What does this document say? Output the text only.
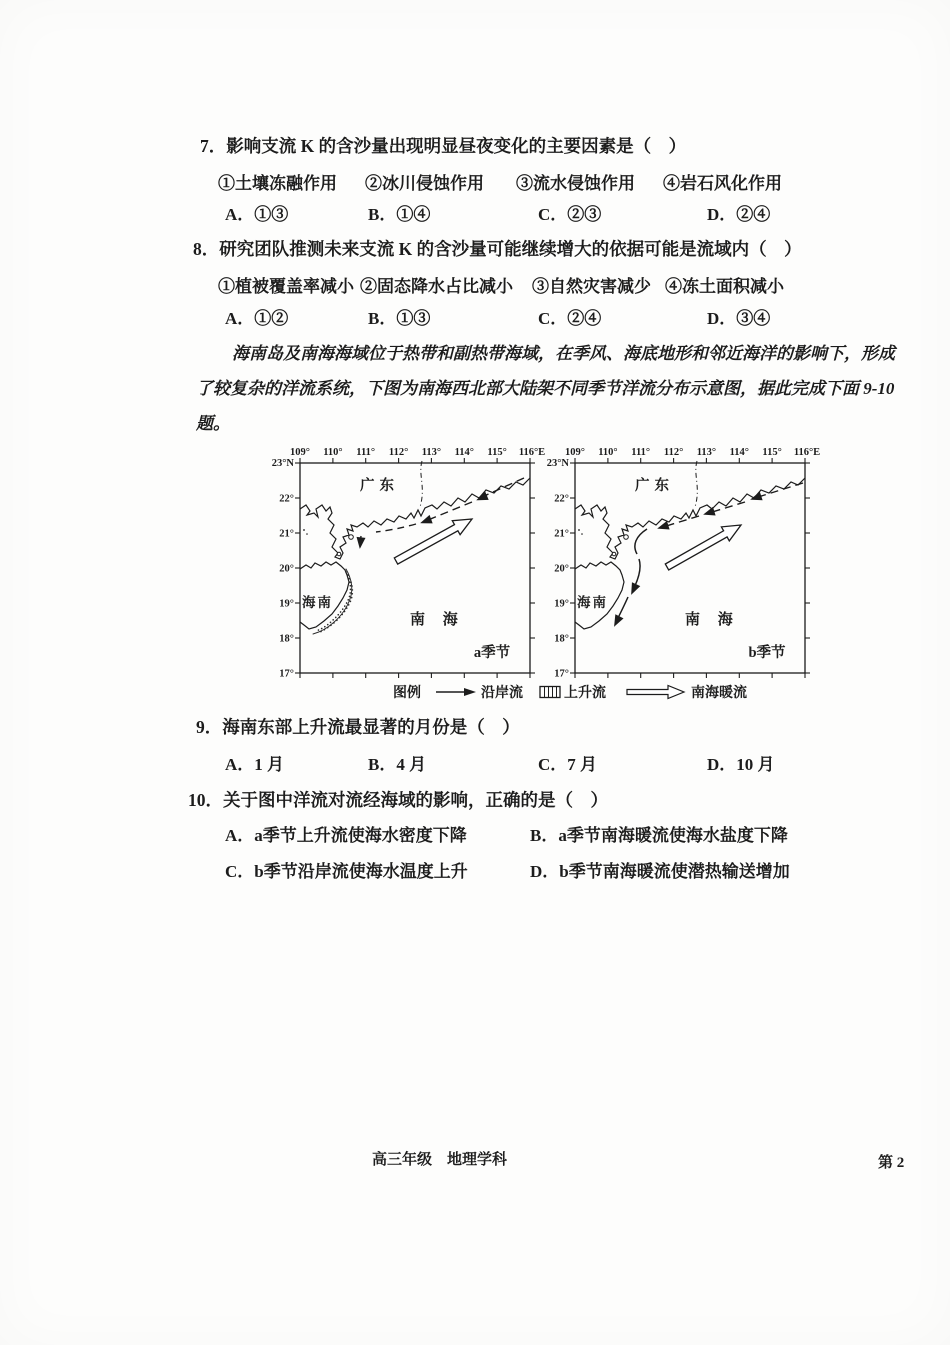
7．影响支流 K 的含沙量出现明显昼夜变化的主要因素是（　）
①土壤冻融作用 ②冰川侵蚀作用 ③流水侵蚀作用 ④岩石风化作用
A．①③	B．①④	C．②③	D．②④
8．研究团队推测未来支流 K 的含沙量可能继续增大的依据可能是流域内（　）
①植被覆盖率减小 ②固态降水占比减小 ③自然灾害减少 ④冻土面积减小
A．①②	B．①③	C．②④	D．③④
海南岛及南海海域位于热带和副热带海域，在季风、海底地形和邻近海洋的影响下，形成
了较复杂的洋流系统，下图为南海西北部大陆架不同季节洋流分布示意图，据此完成下面 9-10
题。
109° 110° 111° 112° 113° 114° 115° 116°E
23°N
22°
21°
20°
19°
18°
17°
广东
海南
南 海
a季节
109° 110° 111° 112° 113° 114° 115° 116°E
23°N
22°
21°
20°
19°
18°
17°
广东
海南
南 海
b季节
图例	沿岸流	上升流	南海暖流
9．海南东部上升流最显著的月份是（　）
A．1 月	B．4 月	C．7 月	D．10 月
10．关于图中洋流对流经海域的影响，正确的是（　）
A．a季节上升流使海水密度下降	B．a季节南海暖流使海水盐度下降
C．b季节沿岸流使海水温度上升	D．b季节南海暖流使潜热输送增加
高三年级　地理学科	第 2
